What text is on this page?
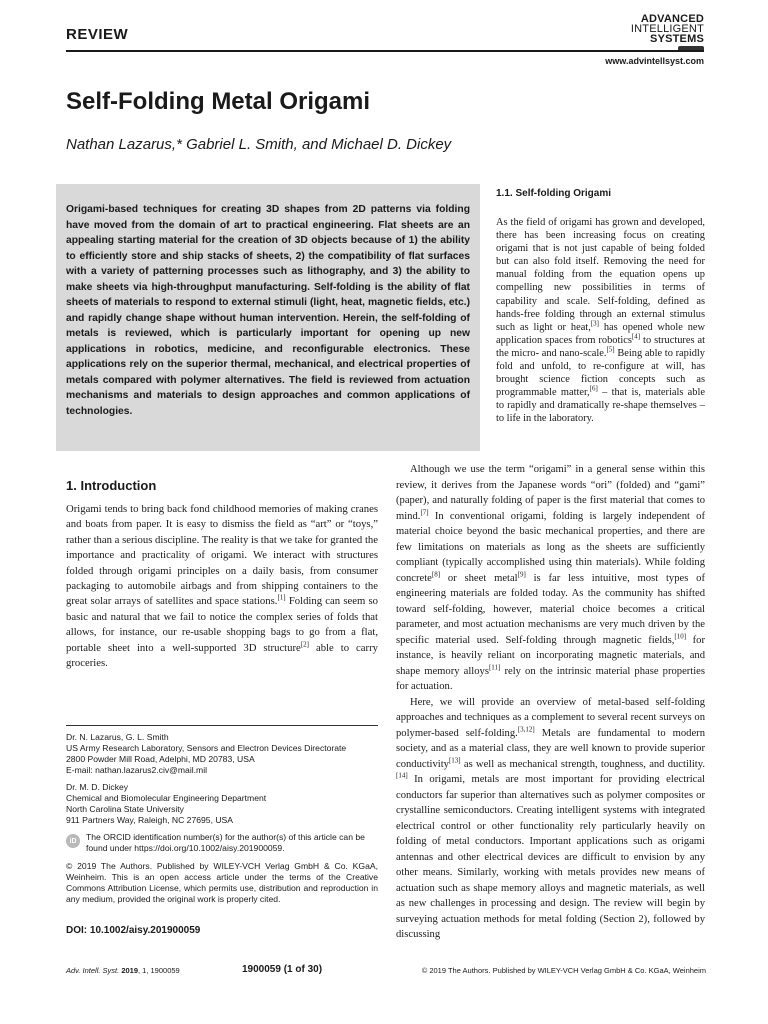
REVIEW
ADVANCED
INTELLIGENT
SYSTEMS
www.advintellsyst.com
Self-Folding Metal Origami
Nathan Lazarus,* Gabriel L. Smith, and Michael D. Dickey
Origami-based techniques for creating 3D shapes from 2D patterns via folding have moved from the domain of art to practical engineering. Flat sheets are an appealing starting material for the creation of 3D objects because of 1) the ability to efficiently store and ship stacks of sheets, 2) the compatibility of flat surfaces with a variety of patterning processes such as lithography, and 3) the ability to make sheets via high-throughput manufacturing. Self-folding is the ability of flat sheets of materials to respond to external stimuli (light, heat, magnetic fields, etc.) and rapidly change shape without human intervention. Herein, the self-folding of metals is reviewed, which is particularly important for opening up new applications in robotics, medicine, and reconfigurable electronics. These applications rely on the superior thermal, mechanical, and electrical properties of metals compared with polymer alternatives. The field is reviewed from actuation mechanisms and materials to design approaches and common applications of technologies.
1.1. Self-folding Origami
As the field of origami has grown and developed, there has been increasing focus on creating origami that is not just capable of being folded but can also fold itself. Removing the need for manual folding from the equation opens up compelling new possibilities in terms of capability and scale. Self-folding, defined as hands-free folding through an external stimulus such as light or heat,[3] has opened whole new application spaces from robotics[4] to structures at the micro- and nano-scale.[5] Being able to rapidly fold and unfold, to re-configure at will, has brought science fiction concepts such as programmable matter,[6] – that is, materials able to rapidly and dramatically re-shape themselves – to life in the laboratory.

Although we use the term “origami” in a general sense within this review, it derives from the Japanese words “ori” (folded) and “gami” (paper), and naturally folding of paper is the first material that comes to mind.[7] In conventional origami, folding is largely independent of material choice beyond the basic mechanical properties, and there are few limitations on materials as long as the sheets are sufficiently compliant (typically accomplished using thin materials). While folding concrete[8] or sheet metal[9] is far less intuitive, most types of engineering materials are folded today. As the community has shifted toward self-folding, however, material choice becomes a critical parameter, and most actuation mechanisms are very much driven by the specific material used. Self-folding through magnetic fields,[10] for instance, is heavily reliant on incorporating magnetic materials, and shape memory alloys[11] rely on the intrinsic material phase properties for actuation.

Here, we will provide an overview of metal-based self-folding approaches and techniques as a complement to several recent surveys on polymer-based self-folding.[3,12] Metals are fundamental to modern society, and as a material class, they are well known to provide superior conductivity[13] as well as mechanical strength, toughness, and ductility.[14] In origami, metals are most important for providing electrical conductors far superior than alternatives such as polymer composites or crystalline semiconductors. Creating intelligent systems with integrated electrical control or other functionality rely particularly heavily on folding of metal conductors. Important applications such as origami antennas and other electrical devices are difficult to envision by any other means. Similarly, working with metals provides new means of actuation such as shape memory alloys and magnetic materials, as well as new challenges in processing and design. The review will begin by surveying actuation methods for metal folding (Section 2), followed by discussing

1. Introduction
Origami tends to bring back fond childhood memories of making cranes and boats from paper. It is easy to dismiss the field as “art” or “toys,” rather than a serious discipline. The reality is that we take for granted the importance and practicality of origami. We interact with structures folded through origami principles on a daily basis, from consumer packaging to automobile airbags and from shipping containers to the great solar arrays of satellites and space stations.[1] Folding can seem so basic and natural that we fail to notice the complex series of folds that allows, for instance, our re-usable shopping bags to go from a flat, portable sheet into a well-supported 3D structure[2] able to carry groceries.
Dr. N. Lazarus, G. L. Smith
US Army Research Laboratory, Sensors and Electron Devices Directorate
2800 Powder Mill Road, Adelphi, MD 20783, USA
E-mail: nathan.lazarus2.civ@mail.mil
Dr. M. D. Dickey
Chemical and Biomolecular Engineering Department
North Carolina State University
911 Partners Way, Raleigh, NC 27695, USA
iD	The ORCID identification number(s) for the author(s) of this article can be found under https://doi.org/10.1002/aisy.201900059.
© 2019 The Authors. Published by WILEY-VCH Verlag GmbH & Co. KGaA, Weinheim. This is an open access article under the terms of the Creative Commons Attribution License, which permits use, distribution and reproduction in any medium, provided the original work is properly cited.
DOI: 10.1002/aisy.201900059
Adv. Intell. Syst. 2019, 1, 1900059	1900059 (1 of 30)	© 2019 The Authors. Published by WILEY-VCH Verlag GmbH & Co. KGaA, Weinheim
